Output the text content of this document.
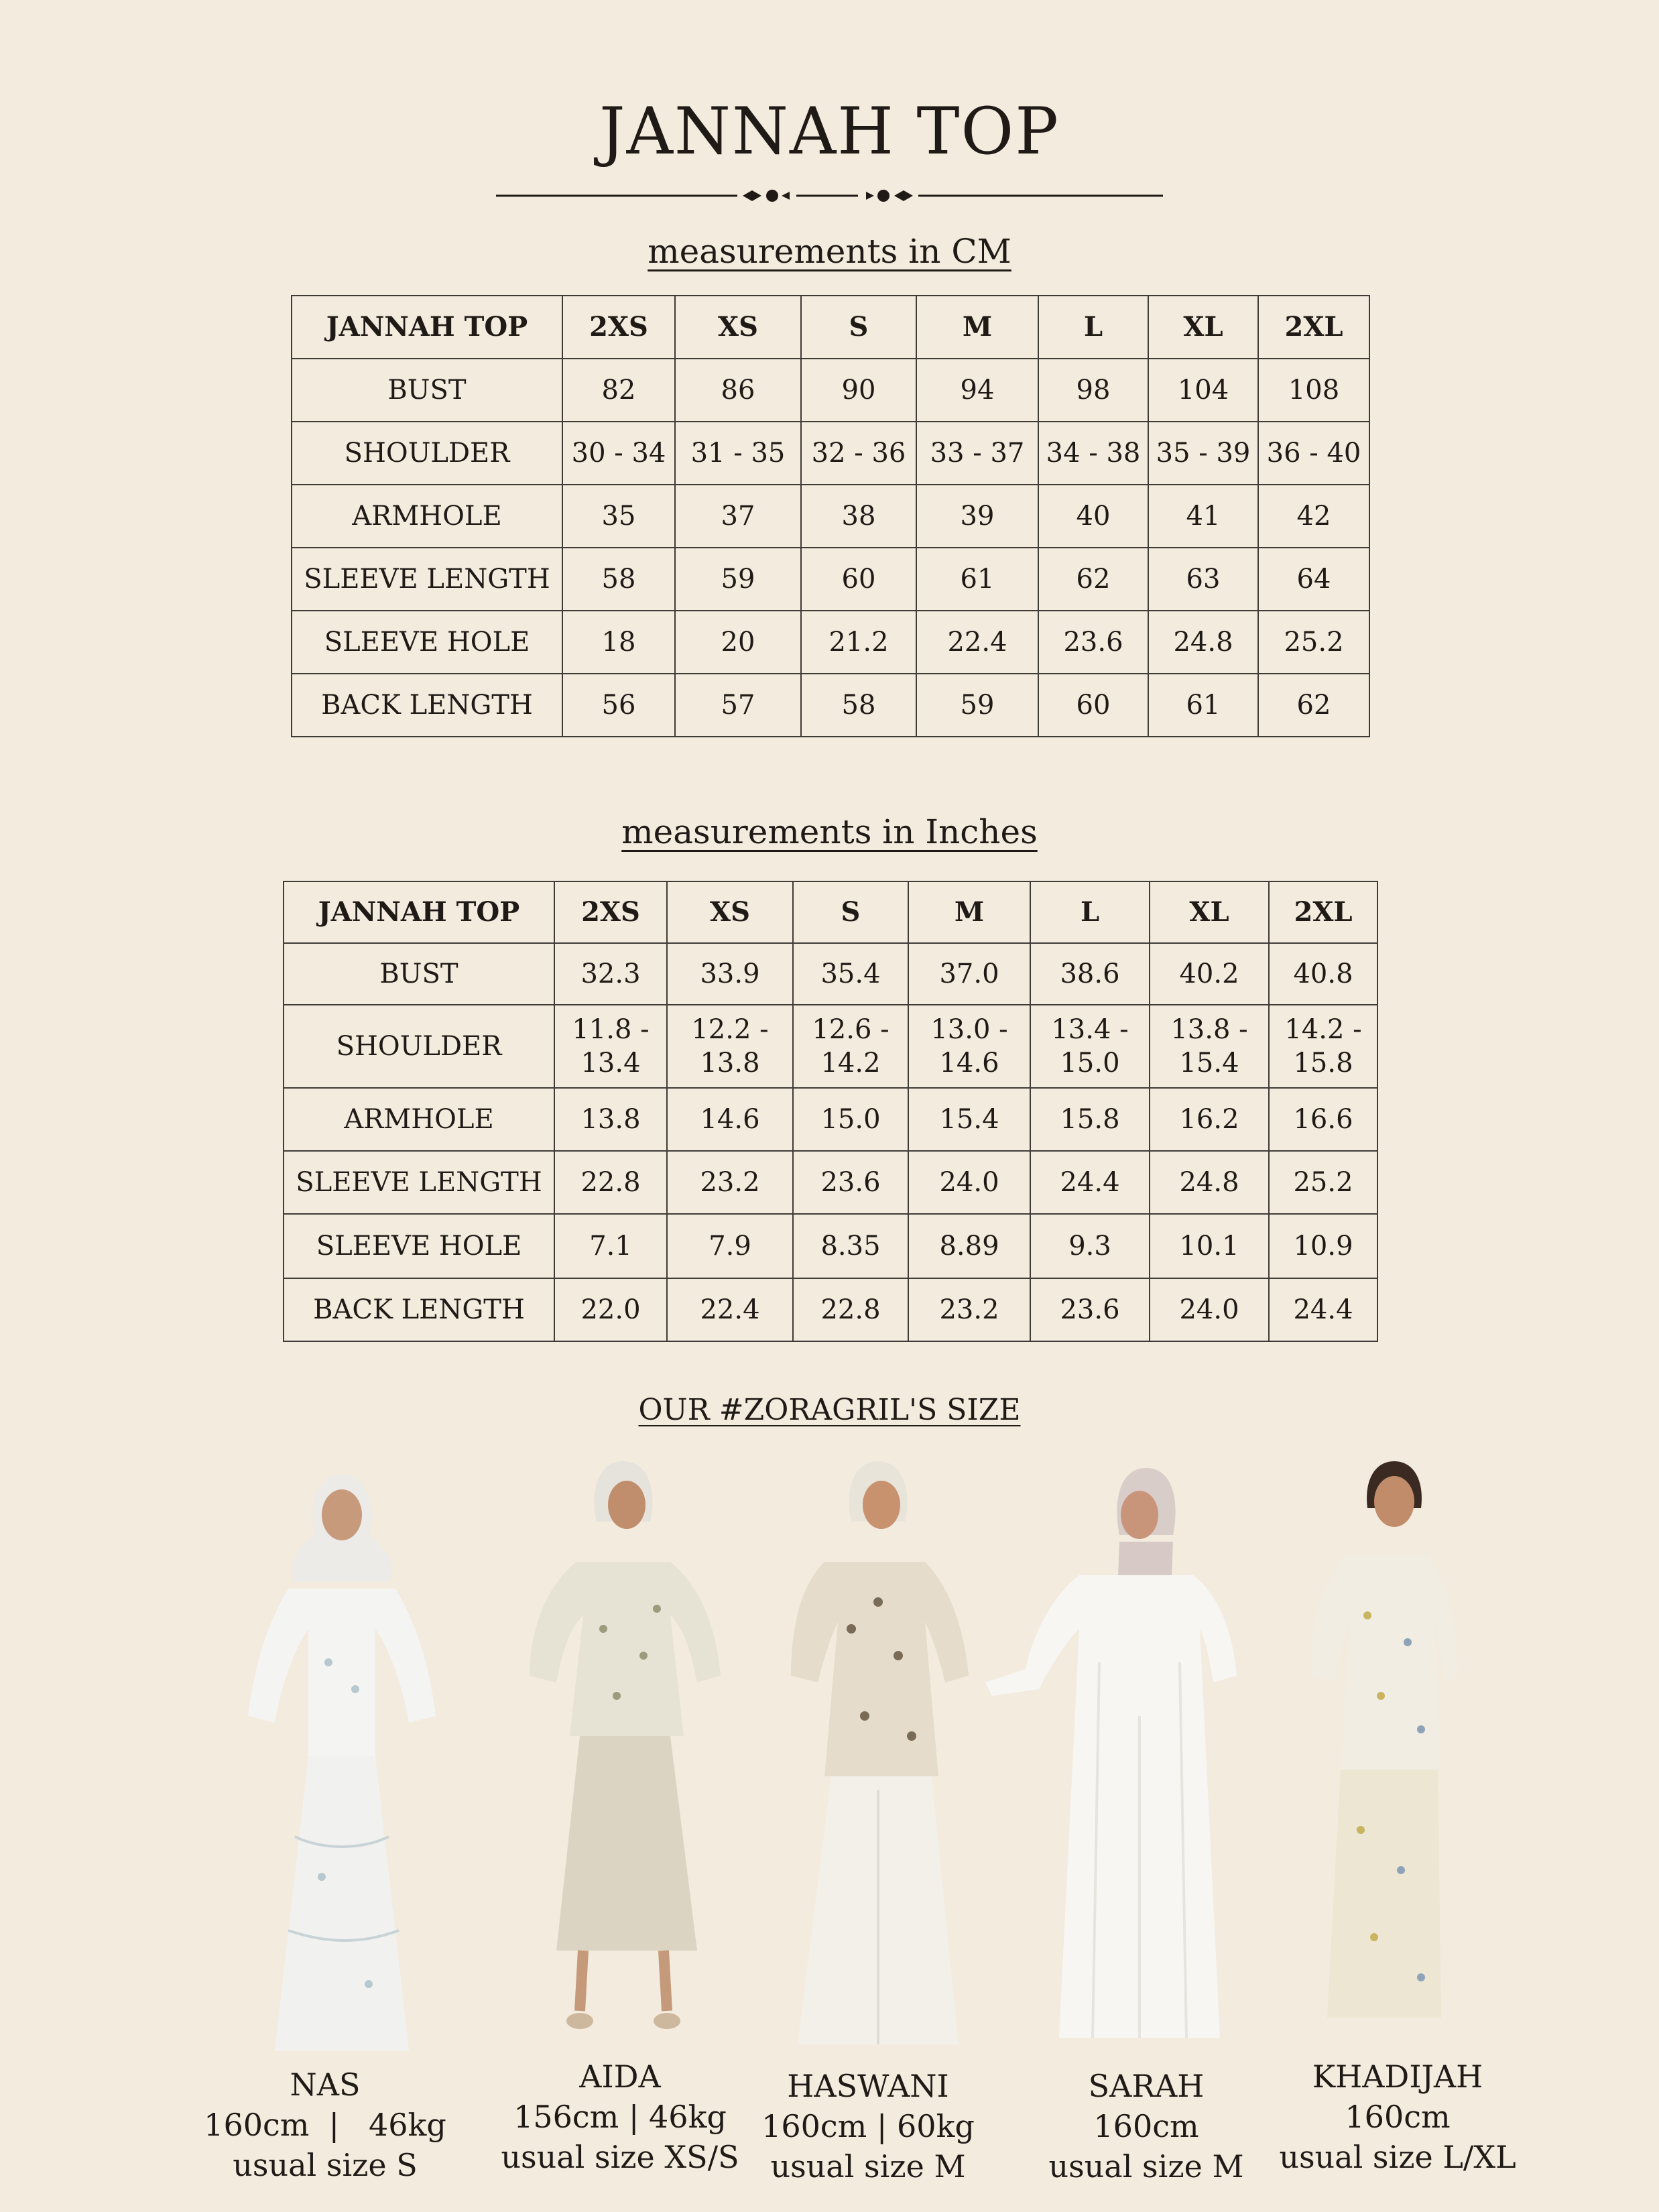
JANNAH TOP
measurements in CM
JANNAH TOP	2XS	XS	S	M	L	XL	2XL
BUST	82	86	90	94	98	104	108
SHOULDER	30 - 34	31 - 35	32 - 36	33 - 37	34 - 38	35 - 39	36 - 40
ARMHOLE	35	37	38	39	40	41	42
SLEEVE LENGTH	58	59	60	61	62	63	64
SLEEVE HOLE	18	20	21.2	22.4	23.6	24.8	25.2
BACK LENGTH	56	57	58	59	60	61	62
measurements in Inches
JANNAH TOP	2XS	XS	S	M	L	XL	2XL
BUST	32.3	33.9	35.4	37.0	38.6	40.2	40.8
SHOULDER	11.8 - 13.4	12.2 - 13.8	12.6 - 14.2	13.0 - 14.6	13.4 - 15.0	13.8 - 15.4	14.2 - 15.8
ARMHOLE	13.8	14.6	15.0	15.4	15.8	16.2	16.6
SLEEVE LENGTH	22.8	23.2	23.6	24.0	24.4	24.8	25.2
SLEEVE HOLE	7.1	7.9	8.35	8.89	9.3	10.1	10.9
BACK LENGTH	22.0	22.4	22.8	23.2	23.6	24.0	24.4
OUR #ZORAGRIL'S SIZE
NAS
160cm  |   46kg
usual size S
AIDA
156cm | 46kg
usual size XS/S
HASWANI
160cm | 60kg
usual size M
SARAH
160cm
usual size M
KHADIJAH
160cm
usual size L/XL
